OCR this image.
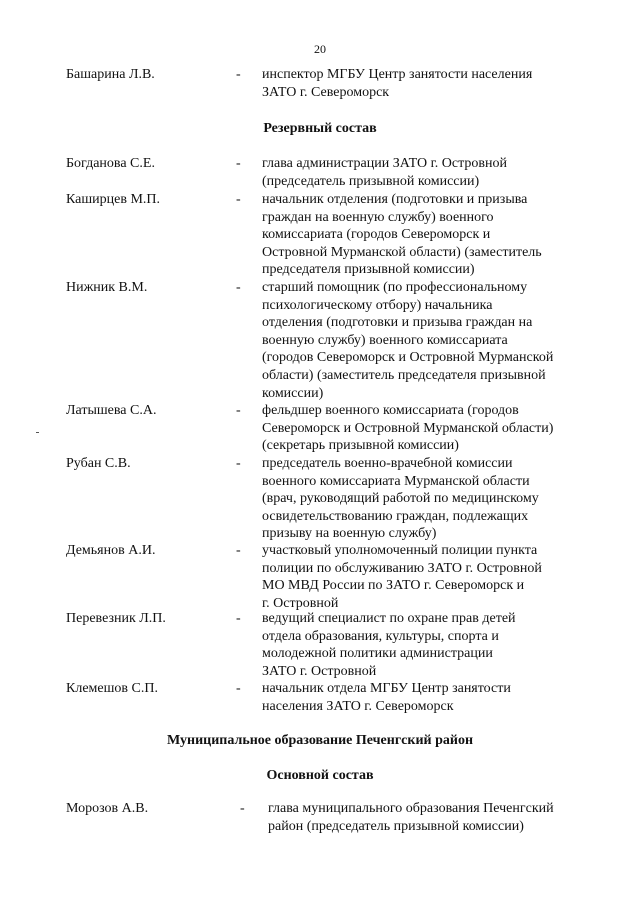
20
Башарина Л.В.	- инспектор МГБУ Центр занятости населения
ЗАТО г. Североморск
Резервный состав
Богданова С.Е.	- глава администрации ЗАТО г. Островной
(председатель призывной комиссии)
Каширцев М.П.	- начальник отделения (подготовки и призыва
граждан на военную службу) военного
комиссариата (городов Североморск и
Островной Мурманской области) (заместитель
председателя призывной комиссии)
Нижник В.М.	- старший помощник (по профессиональному
психологическому отбору) начальника
отделения (подготовки и призыва граждан на
военную службу) военного комиссариата
(городов Североморск и Островной Мурманской
области) (заместитель председателя призывной
комиссии)
Латышева С.А.	- фельдшер военного комиссариата (городов
Североморск и Островной Мурманской области)
(секретарь призывной комиссии)
Рубан С.В.	- председатель военно-врачебной комиссии
военного комиссариата Мурманской области
(врач, руководящий работой по медицинскому
освидетельствованию граждан, подлежащих
призыву на военную службу)
Демьянов А.И.	- участковый уполномоченный полиции пункта
полиции по обслуживанию ЗАТО г. Островной
МО МВД России по ЗАТО г. Североморск и
г. Островной
Перевезник Л.П.	- ведущий специалист по охране прав детей
отдела образования, культуры, спорта и
молодежной политики администрации
ЗАТО г. Островной
Клемешов С.П.	- начальник отдела МГБУ Центр занятости
населения ЗАТО г. Североморск
Муниципальное образование Печенгский район
Основной состав
Морозов А.В.	- глава муниципального образования Печенгский
район (председатель призывной комиссии)
